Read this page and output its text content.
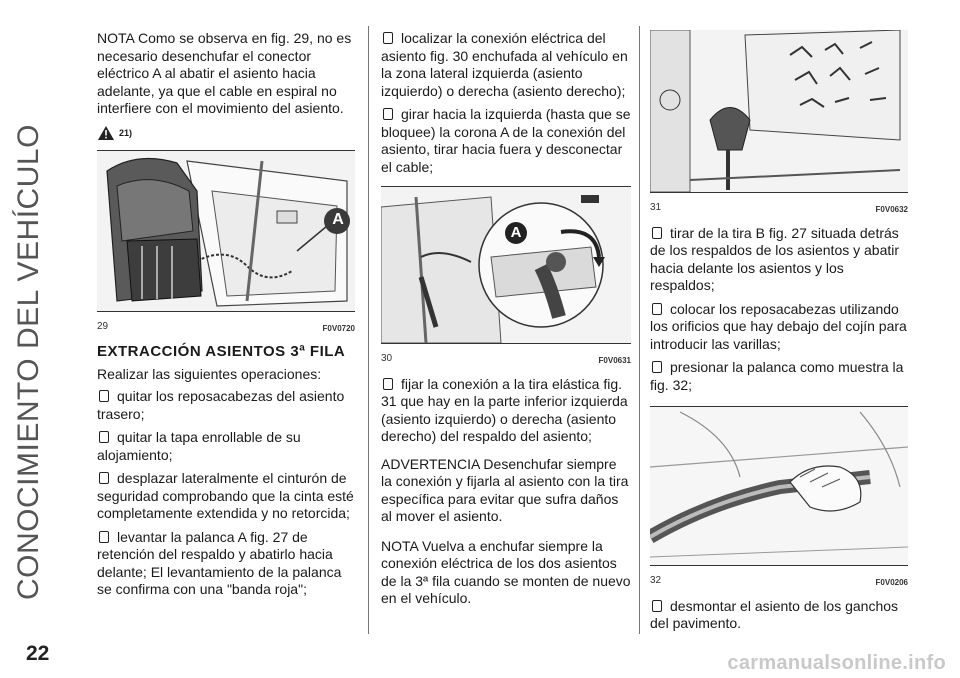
CONOCIMIENTO DEL VEHÍCULO

NOTA Como se observa en fig. 29, no es necesario desenchufar el conector eléctrico A al abatir el asiento hacia adelante, ya que el cable en espiral no interfiere con el movimiento del asiento.

21)
A
29	F0V0720
EXTRACCIÓN ASIENTOS 3ª FILA

Realizar las siguientes operaciones:

quitar los reposacabezas del asiento trasero;
quitar la tapa enrollable de su alojamiento;
desplazar lateralmente el cinturón de seguridad comprobando que la cinta esté completamente extendida y no retorcida;
levantar la palanca A fig. 27 de retención del respaldo y abatirlo hacia delante; El levantamiento de la palanca se confirma con una "banda roja";
localizar la conexión eléctrica del asiento fig. 30 enchufada al vehículo en la zona lateral izquierda (asiento izquierdo) o derecha (asiento derecho);
girar hacia la izquierda (hasta que se bloquee) la corona A de la conexión del asiento, tirar hacia fuera y desconectar el cable;
A
30	F0V0631
fijar la conexión a la tira elástica fig. 31 que hay en la parte inferior izquierda (asiento izquierdo) o derecha (asiento derecho) del respaldo del asiento;

ADVERTENCIA Desenchufar siempre la conexión y fijarla al asiento con la tira específica para evitar que sufra daños al mover el asiento.

NOTA Vuelva a enchufar siempre la conexión eléctrica de los dos asientos de la 3ª fila cuando se monten de nuevo en el vehículo.

31	F0V0632
tirar de la tira B fig. 27 situada detrás de los respaldos de los asientos y abatir hacia delante los asientos y los respaldos;
colocar los reposacabezas utilizando los orificios que hay debajo del cojín para introducir las varillas;
presionar la palanca como muestra la fig. 32;
32	F0V0206
desmontar el asiento de los ganchos del pavimento.
22	carmanualsonline.info
